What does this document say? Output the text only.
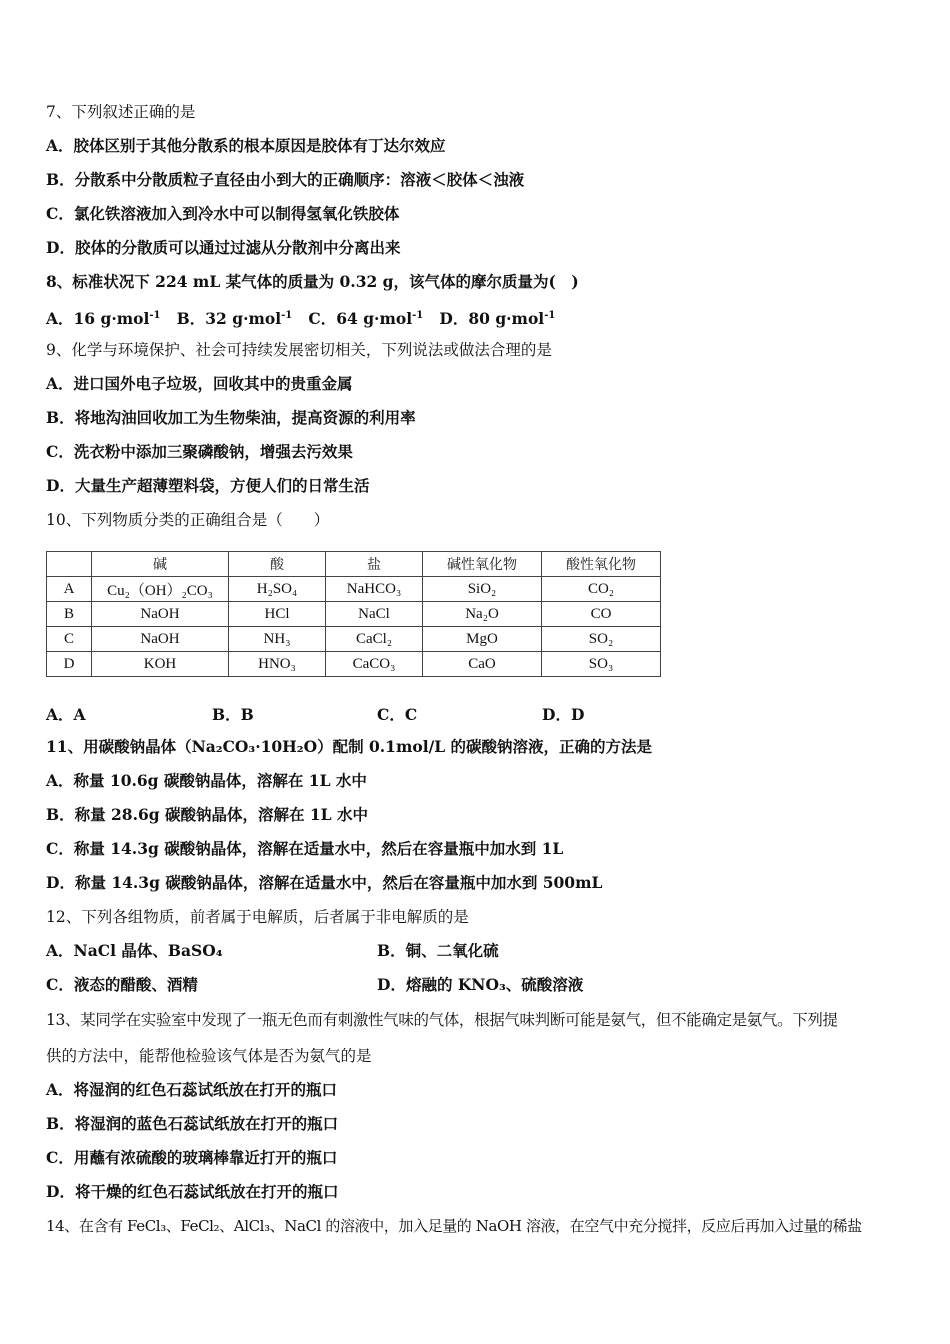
7、下列叙述正确的是
A．胶体区别于其他分散系的根本原因是胶体有丁达尔效应
B．分散系中分散质粒子直径由小到大的正确顺序：溶液＜胶体＜浊液
C．氯化铁溶液加入到冷水中可以制得氢氧化铁胶体
D．胶体的分散质可以通过过滤从分散剂中分离出来
8、标准状况下 224 mL 某气体的质量为 0.32 g，该气体的摩尔质量为(　)
A．16 g·mol$^{-1}$ B．32 g·mol$^{-1}$ C．64 g·mol$^{-1}$ D．80 g·mol$^{-1}$
9、化学与环境保护、社会可持续发展密切相关，下列说法或做法合理的是
A．进口国外电子垃圾，回收其中的贵重金属
B．将地沟油回收加工为生物柴油，提高资源的利用率
C．洗衣粉中添加三聚磷酸钠，增强去污效果
D．大量生产超薄塑料袋，方便人们的日常生活
10、下列物质分类的正确组合是（　　）
	碱	酸	盐	碱性氧化物	酸性氧化物
A	Cu₂（OH）₂CO₃	H₂SO₄	NaHCO₃	SiO₂	CO₂
B	NaOH	HCl	NaCl	Na₂O	CO
C	NaOH	NH₃	CaCl₂	MgO	SO₂
D	KOH	HNO₃	CaCO₃	CaO	SO₃
A．A	B．B	C．C	D．D
11、用碳酸钠晶体（Na₂CO₃·10H₂O）配制 0.1mol/L 的碳酸钠溶液，正确的方法是
A．称量 10.6g 碳酸钠晶体，溶解在 1L 水中
B．称量 28.6g 碳酸钠晶体，溶解在 1L 水中
C．称量 14.3g 碳酸钠晶体，溶解在适量水中，然后在容量瓶中加水到 1L
D．称量 14.3g 碳酸钠晶体，溶解在适量水中，然后在容量瓶中加水到 500mL
12、下列各组物质，前者属于电解质，后者属于非电解质的是
A．NaCl 晶体、BaSO₄	B．铜、二氧化硫
C．液态的醋酸、酒精	D．熔融的 KNO₃、硫酸溶液
13、某同学在实验室中发现了一瓶无色而有刺激性气味的气体，根据气味判断可能是氨气，但不能确定是氨气。下列提
供的方法中，能帮他检验该气体是否为氨气的是
A．将湿润的红色石蕊试纸放在打开的瓶口
B．将湿润的蓝色石蕊试纸放在打开的瓶口
C．用蘸有浓硫酸的玻璃棒靠近打开的瓶口
D．将干燥的红色石蕊试纸放在打开的瓶口
14、在含有 FeCl₃、FeCl₂、AlCl₃、NaCl 的溶液中，加入足量的 NaOH 溶液，在空气中充分搅拌，反应后再加入过量的稀盐
